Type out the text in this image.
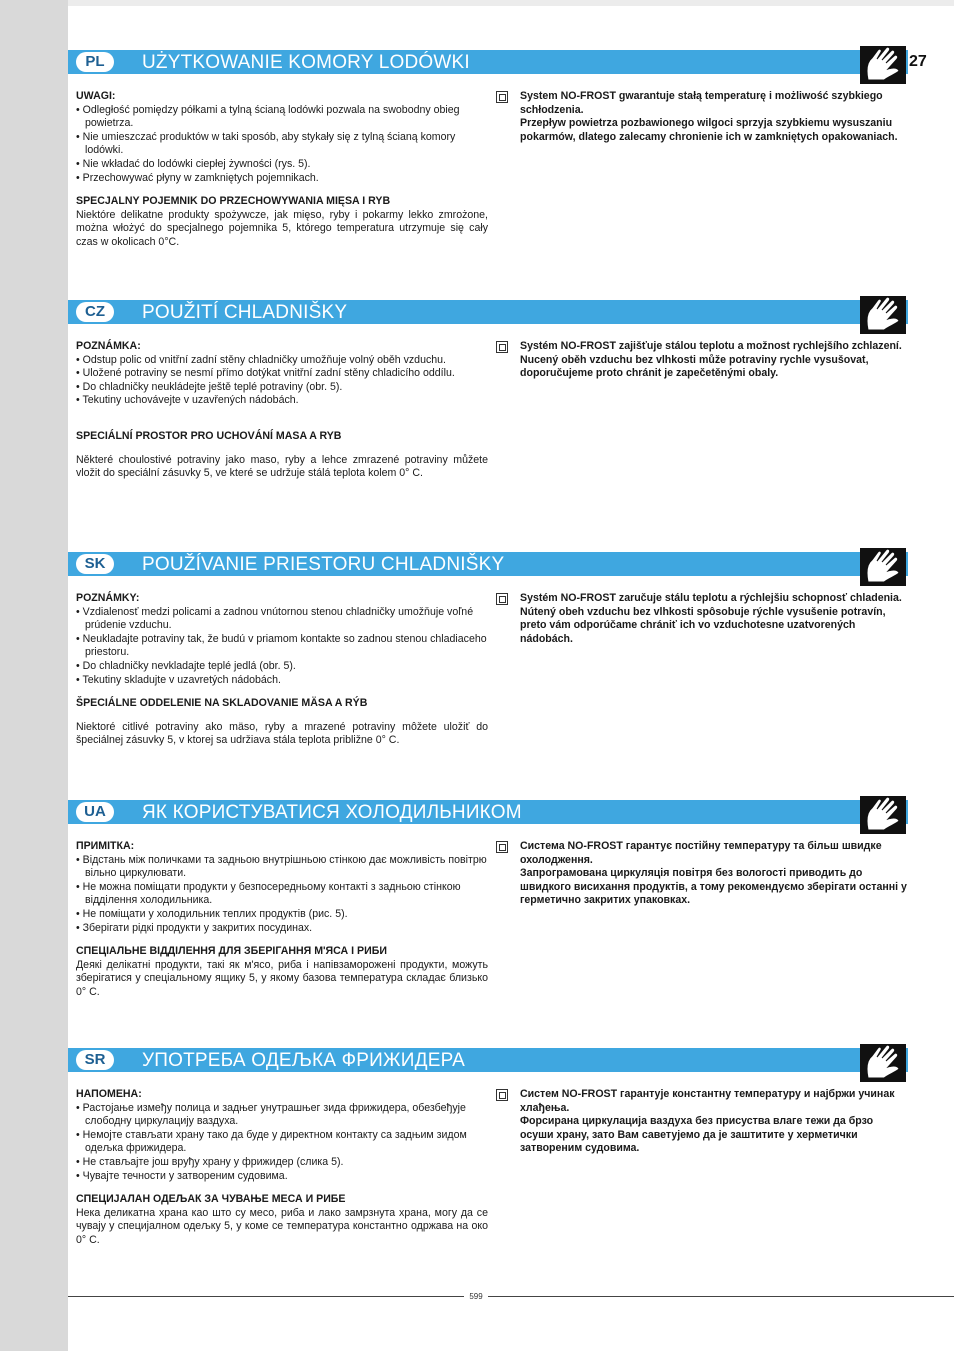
PL	UŻYTKOWANIE KOMORY LODÓWKI	27

UWAGI:

• Odległość pomiędzy półkami a tylną ścianą lodówki pozwala na swobodny obieg powietrza.

• Nie umieszczać produktów w taki sposób, aby stykały się z tylną ścianą komory lodówki.

• Nie wkładać do lodówki ciepłej żywności (rys. 5).

• Przechowywać płyny w zamkniętych pojemnikach.

SPECJALNY POJEMNIK DO PRZECHOWYWANIA MIĘSA I RYB

Niektóre delikatne produkty spożywcze, jak mięso, ryby i pokarmy lekko zmrożone, można włożyć do specjalnego pojemnika 5, którego temperatura utrzymuje się cały czas w okolicach 0°C.

System NO-FROST gwarantuje stałą temperaturę i możliwość szybkiego schłodzenia.

Przepływ powietrza pozbawionego wilgoci sprzyja szybkiemu wysuszaniu pokarmów, dlatego zalecamy chronienie ich w zamkniętych opakowaniach.

CZ	POUŽITÍ CHLADNIŠKY

POZNÁMKA:

• Odstup polic od vnitřní zadní stěny chladničky umožňuje volný oběh vzduchu.

• Uložené potraviny se nesmí přímo dotýkat vnitřní zadní stěny chladicího oddílu.

• Do chladničky neukládejte ještě teplé potraviny (obr. 5).

• Tekutiny uchovávejte v uzavřených nádobách.

SPECIÁLNÍ PROSTOR PRO UCHOVÁNÍ MASA A RYB

Některé choulostivé potraviny jako maso, ryby a lehce zmrazené potraviny můžete vložit do speciální zásuvky 5, ve které se udržuje stálá teplota kolem 0° C.

Systém NO-FROST zajišťuje stálou teplotu a možnost rychlejšího zchlazení.

Nucený oběh vzduchu bez vlhkosti může potraviny rychle vysušovat, doporučujeme proto chránit je zapečetěnými obaly.

SK	POUŽÍVANIE PRIESTORU CHLADNIŠKY

POZNÁMKY:

• Vzdialenosť medzi policami a zadnou vnútornou stenou chladničky umožňuje voľné prúdenie vzduchu.

• Neukladajte potraviny tak, že budú v priamom kontakte so zadnou stenou chladiaceho priestoru.

• Do chladničky nevkladajte teplé jedlá (obr. 5).

• Tekutiny skladujte v uzavretých nádobách.

ŠPECIÁLNE ODDELENIE NA SKLADOVANIE MÄSA A RÝB

Niektoré citlivé potraviny ako mäso, ryby a mrazené potraviny môžete uložiť do špeciálnej zásuvky 5, v ktorej sa udržiava stála teplota približne 0° C.

Systém NO-FROST zaručuje stálu teplotu a rýchlejšiu schopnosť chladenia.

Nútený obeh vzduchu bez vlhkosti spôsobuje rýchle vysušenie potravín, preto vám odporúčame chrániť ich vo vzduchotesne uzatvorených nádobách.

UA	ЯК КОРИСТУВАТИСЯ ХОЛОДИЛЬНИКОМ

ПРИМІТКА:

• Відстань між поличками та задньою внутрішньою стінкою дає можливість повітрю вільно циркулювати.

• Не можна поміщати продукти у безпосередньому контакті з задньою стінкою відділення холодильника.

• Не поміщати у холодильник теплих продуктів (рис. 5).

• Зберігати рідкі продукти у закритих посудинах.

СПЕЦІАЛЬНЕ ВІДДІЛЕННЯ ДЛЯ ЗБЕРІГАННЯ М'ЯСА І РИБИ

Деякі делікатні продукти, такі як м'ясо, риба і напівзаморожені продукти, можуть зберігатися у спеціальному ящику 5, у якому базова температура складає близько 0° С.

Система NO-FROST гарантує постійну температуру та більш швидке охолодження.

Запрограмована циркуляція повітря без вологості приводить до швидкого висихання продуктів, а тому рекомендуємо зберігати останні у герметично закритих упаковках.

SR	УПОТРЕБА ОДЕЉКА ФРИЖИДЕРА

НАПОМЕНА:

• Растојање између полица и задњег унутрашњег зида фрижидера, обезбеђује слободну циркулацију ваздуха.

• Немојте стављати храну тако да буде у директном контакту са задњим зидом одељка фрижидера.

• Не стављајте још вруђу храну у фрижидер (слика 5).

• Чувајте течности у затвореним судовима.

СПЕЦИЈАЛАН ОДЕЉАК ЗА ЧУВАЊЕ МЕСА И РИБЕ

Нека деликатна храна као што су месо, риба и лако замрзнута храна, могу да се чувају у специјалном одељку 5, у коме се температура константно одржава на око 0° С.

Систем NO-FROST гарантује константну температуру и најбржи учинак хлађења.

Форсирана циркулација ваздуха без присуства влаге тежи да брзо осуши храну, зато Вам саветујемо да је заштитите у херметички затвореним судовима.

599
